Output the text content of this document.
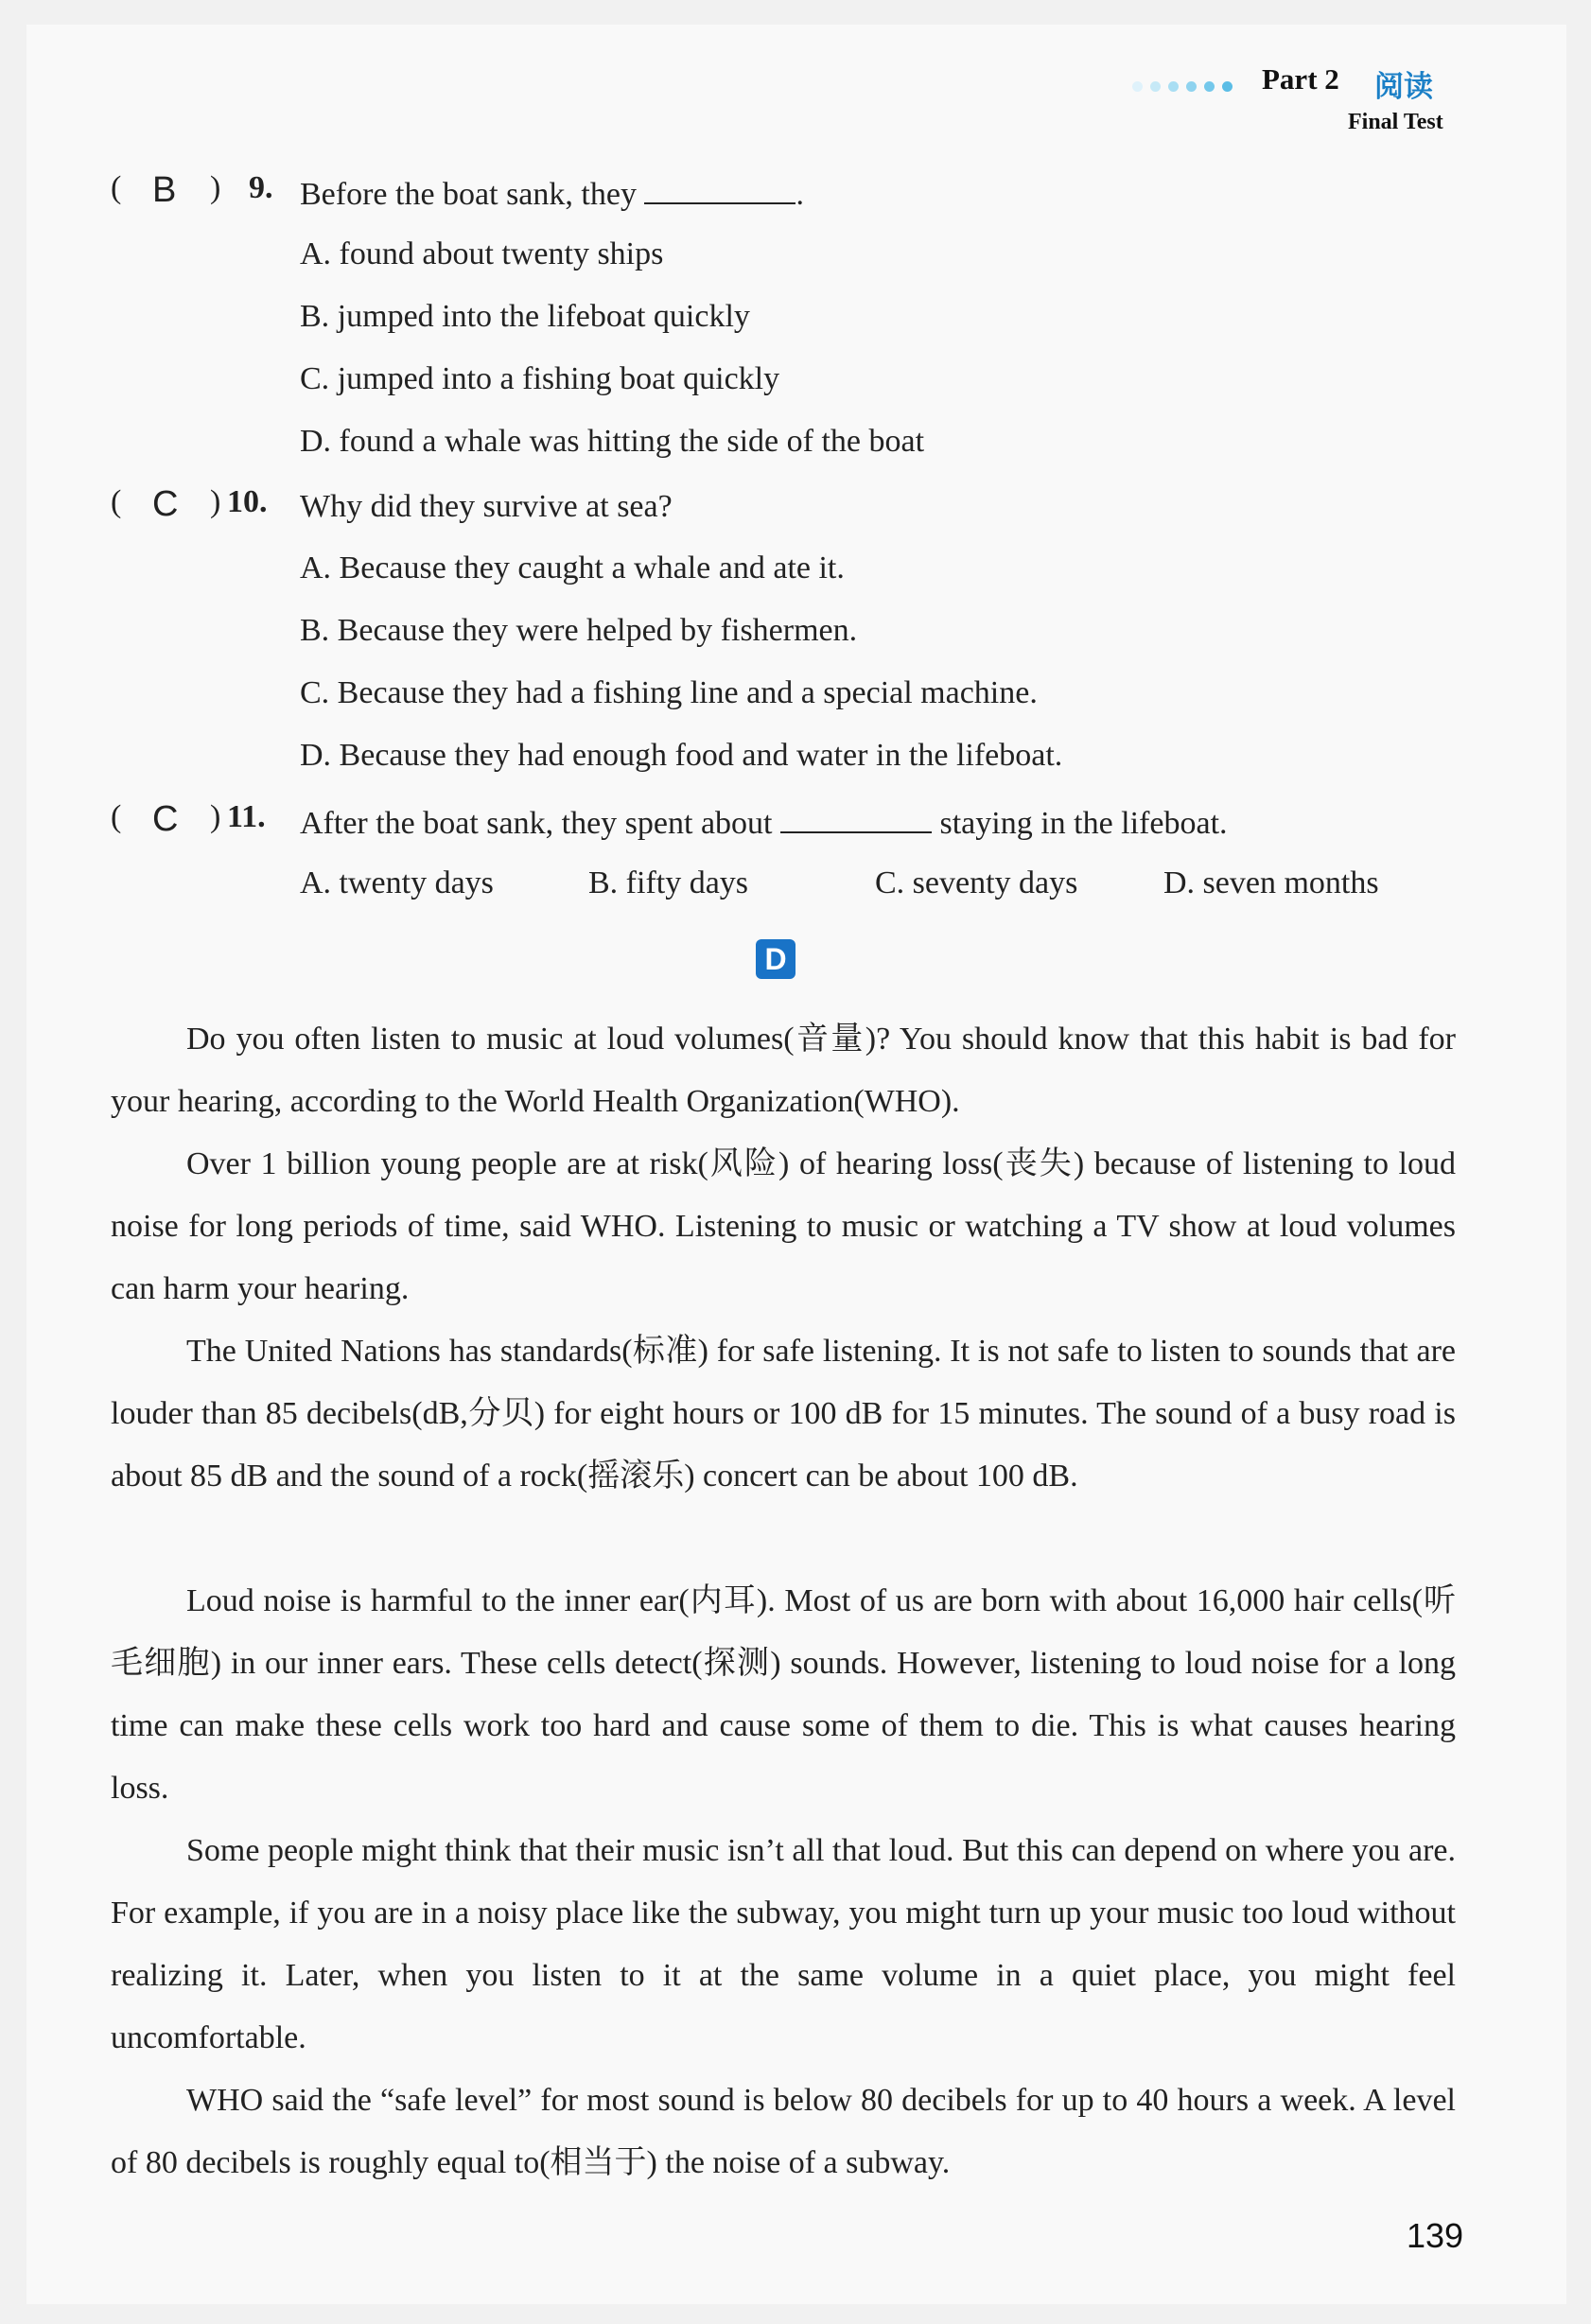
Part 2 阅读
Final Test
( B ) 9. Before the boat sank, they	.
A. found about twenty ships
B. jumped into the lifeboat quickly
C. jumped into a fishing boat quickly
D. found a whale was hitting the side of the boat
( C ) 10. Why did they survive at sea?
A. Because they caught a whale and ate it.
B. Because they were helped by fishermen.
C. Because they had a fishing line and a special machine.
D. Because they had enough food and water in the lifeboat.
( C ) 11. After the boat sank, they spent about	staying in the lifeboat.
A. twenty days	B. fifty days	C. seventy days	D. seven months
D
Do you often listen to music at loud volumes(音量)? You should know that this habit is bad for your hearing, according to the World Health Organization(WHO).
Over 1 billion young people are at risk(风险) of hearing loss(丧失) because of listening to loud noise for long periods of time, said WHO. Listening to music or watching a TV show at loud volumes can harm your hearing.
The United Nations has standards(标准) for safe listening. It is not safe to listen to sounds that are louder than 85 decibels(dB,分贝) for eight hours or 100 dB for 15 minutes. The sound of a busy road is about 85 dB and the sound of a rock(摇滚乐) concert can be about 100 dB.
Loud noise is harmful to the inner ear(内耳). Most of us are born with about 16,000 hair cells(听毛细胞) in our inner ears. These cells detect(探测) sounds. However, listening to loud noise for a long time can make these cells work too hard and cause some of them to die. This is what causes hearing loss.
Some people might think that their music isn’t all that loud. But this can depend on where you are. For example, if you are in a noisy place like the subway, you might turn up your music too loud without realizing it. Later, when you listen to it at the same volume in a quiet place, you might feel uncomfortable.
WHO said the “safe level” for most sound is below 80 decibels for up to 40 hours a week. A level of 80 decibels is roughly equal to(相当于) the noise of a subway.
139
